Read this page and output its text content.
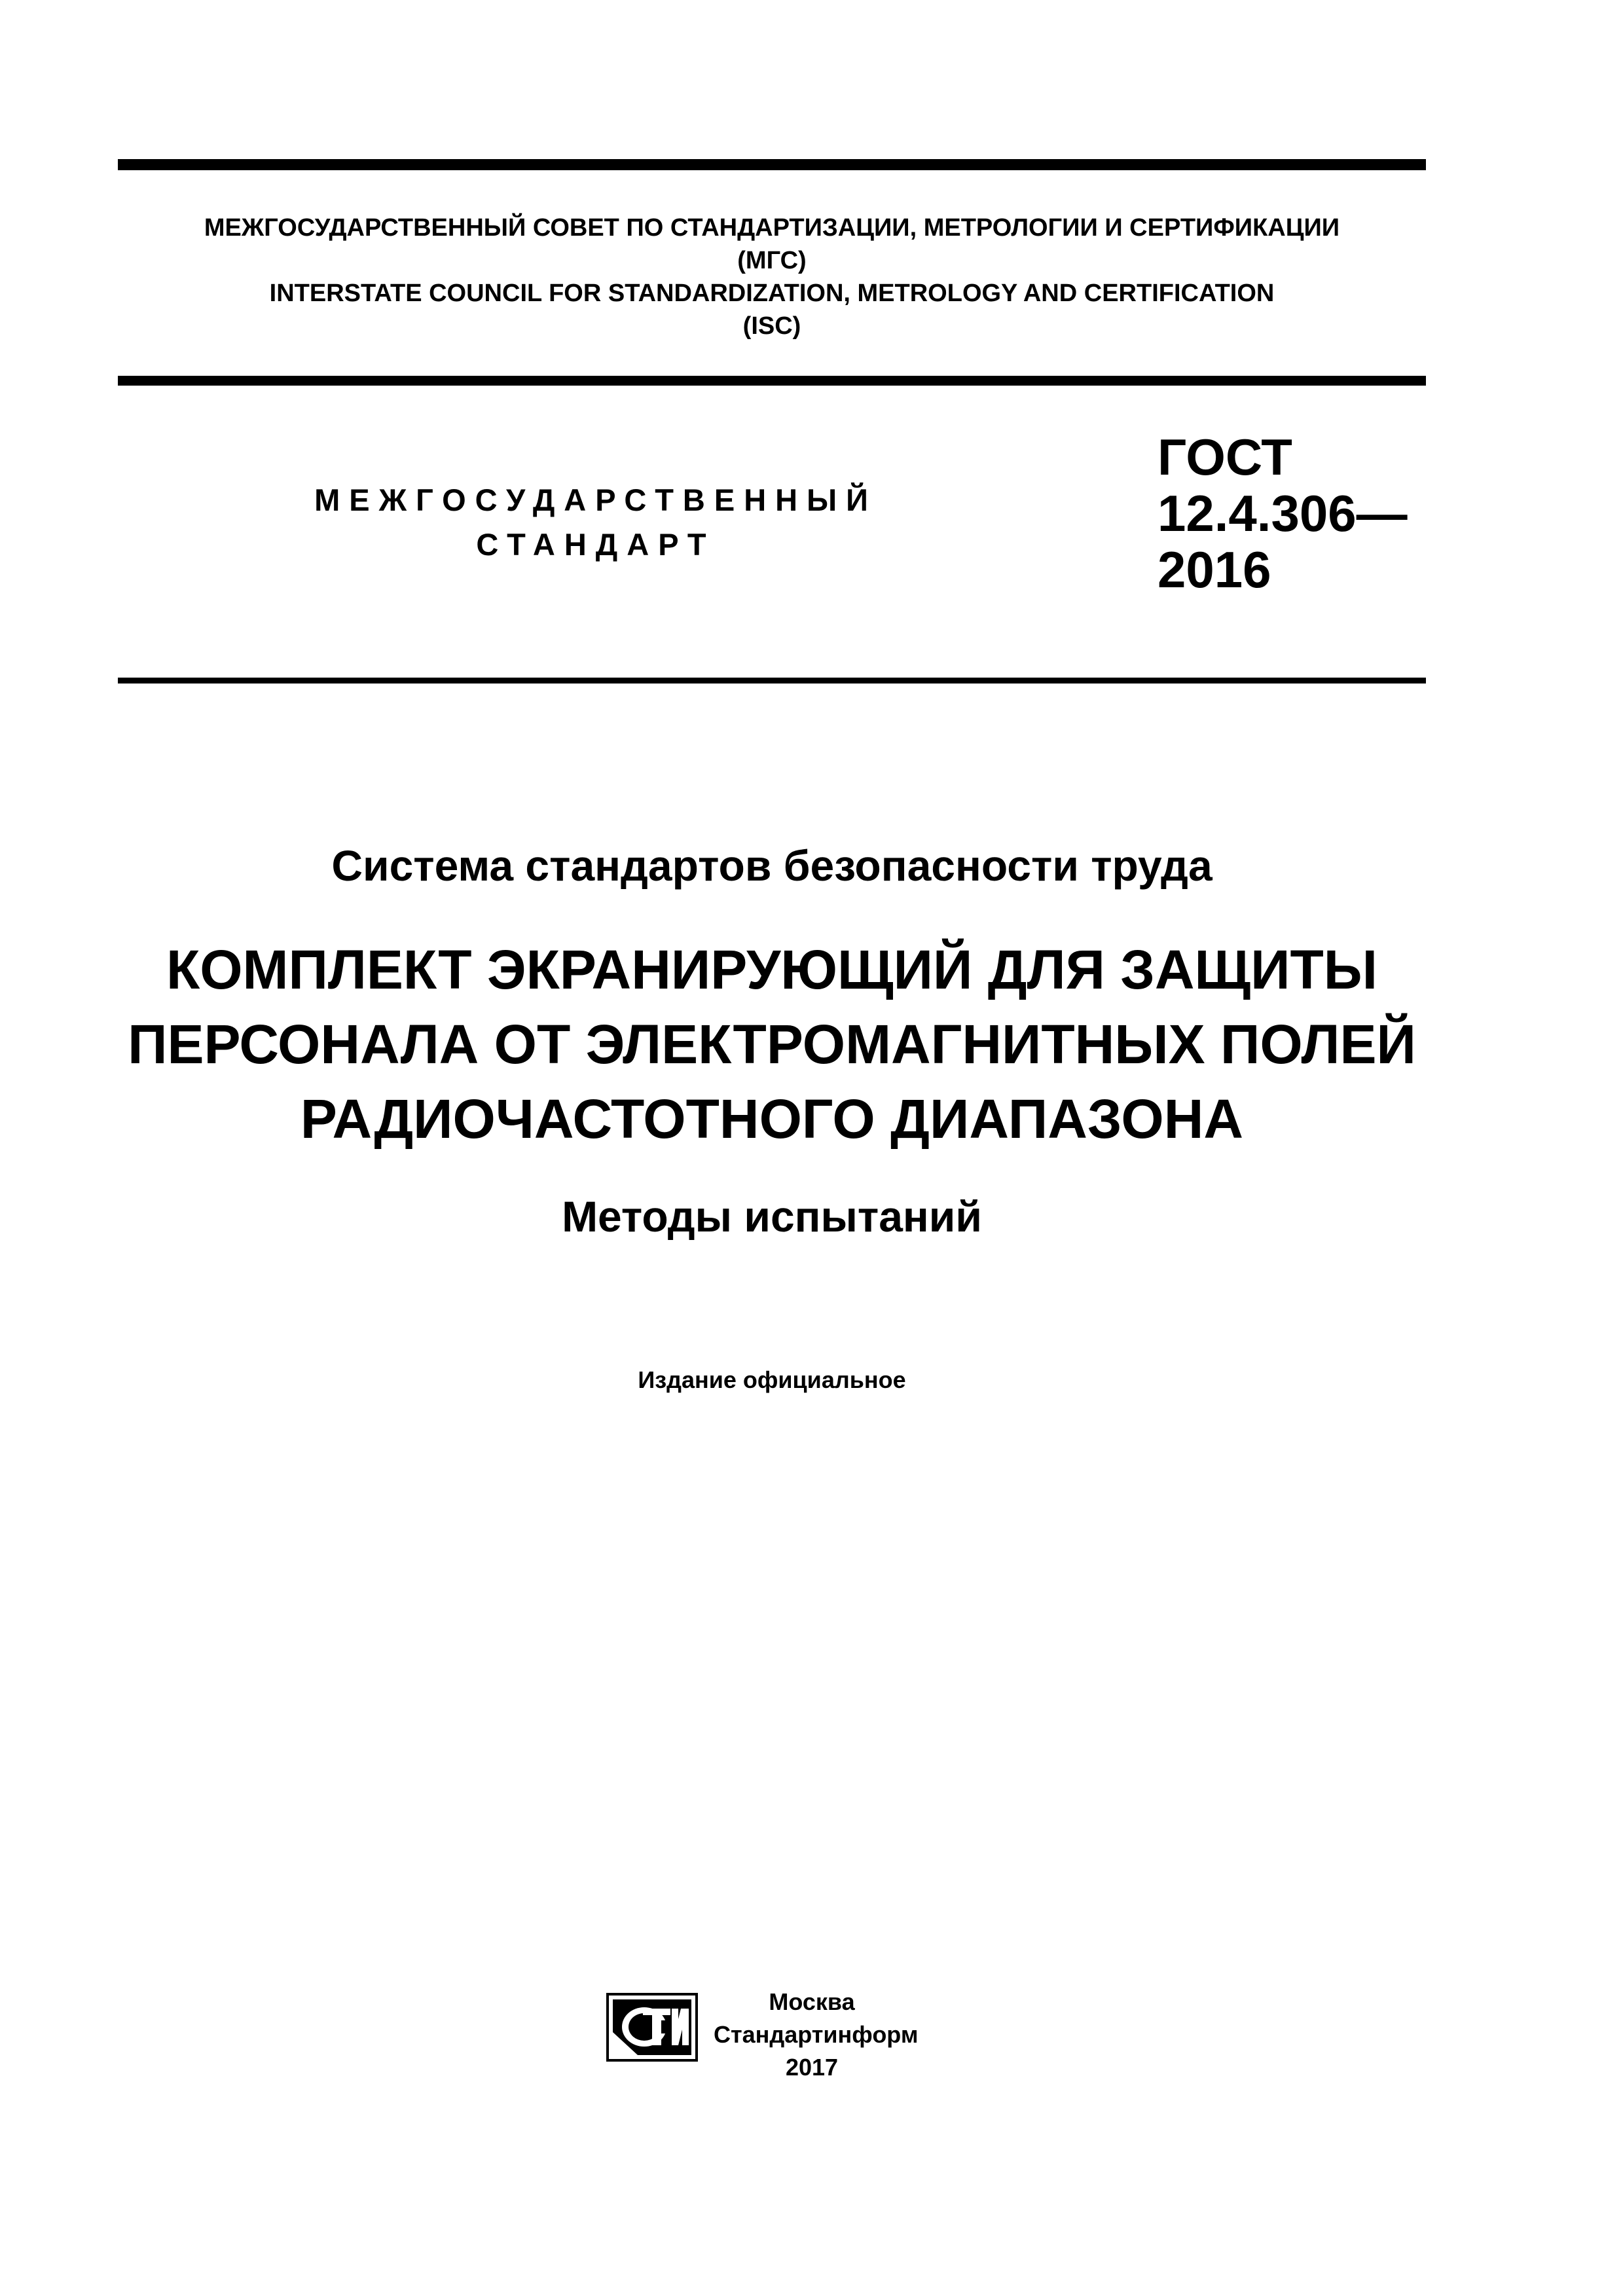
МЕЖГОСУДАРСТВЕННЫЙ СОВЕТ ПО СТАНДАРТИЗАЦИИ, МЕТРОЛОГИИ И СЕРТИФИКАЦИИ
(МГС)
INTERSTATE COUNCIL FOR STANDARDIZATION, METROLOGY AND CERTIFICATION
(ISC)
МЕЖГОСУДАРСТВЕННЫЙ
СТАНДАРТ
ГОСТ
12.4.306—
2016
Система стандартов безопасности труда
КОМПЛЕКТ ЭКРАНИРУЮЩИЙ ДЛЯ ЗАЩИТЫ
ПЕРСОНАЛА ОТ ЭЛЕКТРОМАГНИТНЫХ ПОЛЕЙ
РАДИОЧАСТОТНОГО ДИАПАЗОНА
Методы испытаний
Издание официальное
Москва
Стандартинформ
2017
